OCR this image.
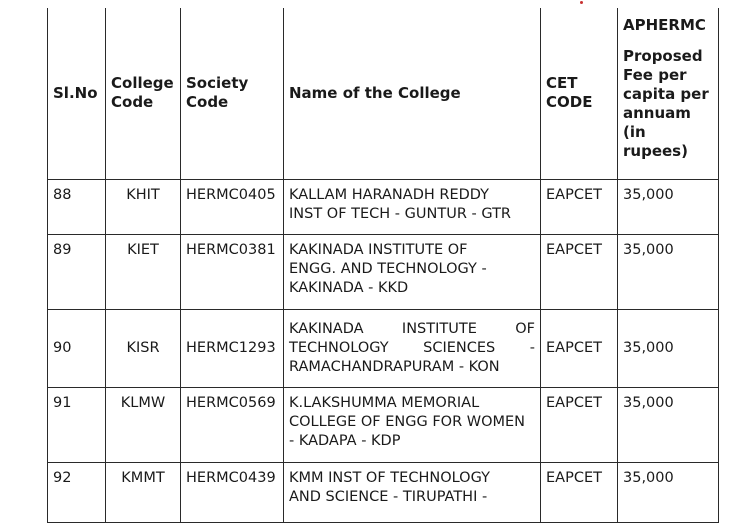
Sl.No	College Code	Society Code	Name of the College	CET CODE	APHERMC
Proposed Fee per capita per annuam (in rupees)
88	KHIT	HERMC0405	KALLAM HARANADH REDDY
INST OF TECH - GUNTUR - GTR	EAPCET	35,000
89	KIET	HERMC0381	KAKINADA INSTITUTE OF
ENGG. AND TECHNOLOGY -
KAKINADA - KKD	EAPCET	35,000
90	KISR	HERMC1293	KAKINADA INSTITUTE OF
TECHNOLOGY SCIENCES -
RAMACHANDRAPURAM - KON	EAPCET	35,000
91	KLMW	HERMC0569	K.LAKSHUMMA MEMORIAL
COLLEGE OF ENGG FOR WOMEN
- KADAPA - KDP	EAPCET	35,000
92	KMMT	HERMC0439	KMM INST OF TECHNOLOGY
AND SCIENCE - TIRUPATHI -	EAPCET	35,000
